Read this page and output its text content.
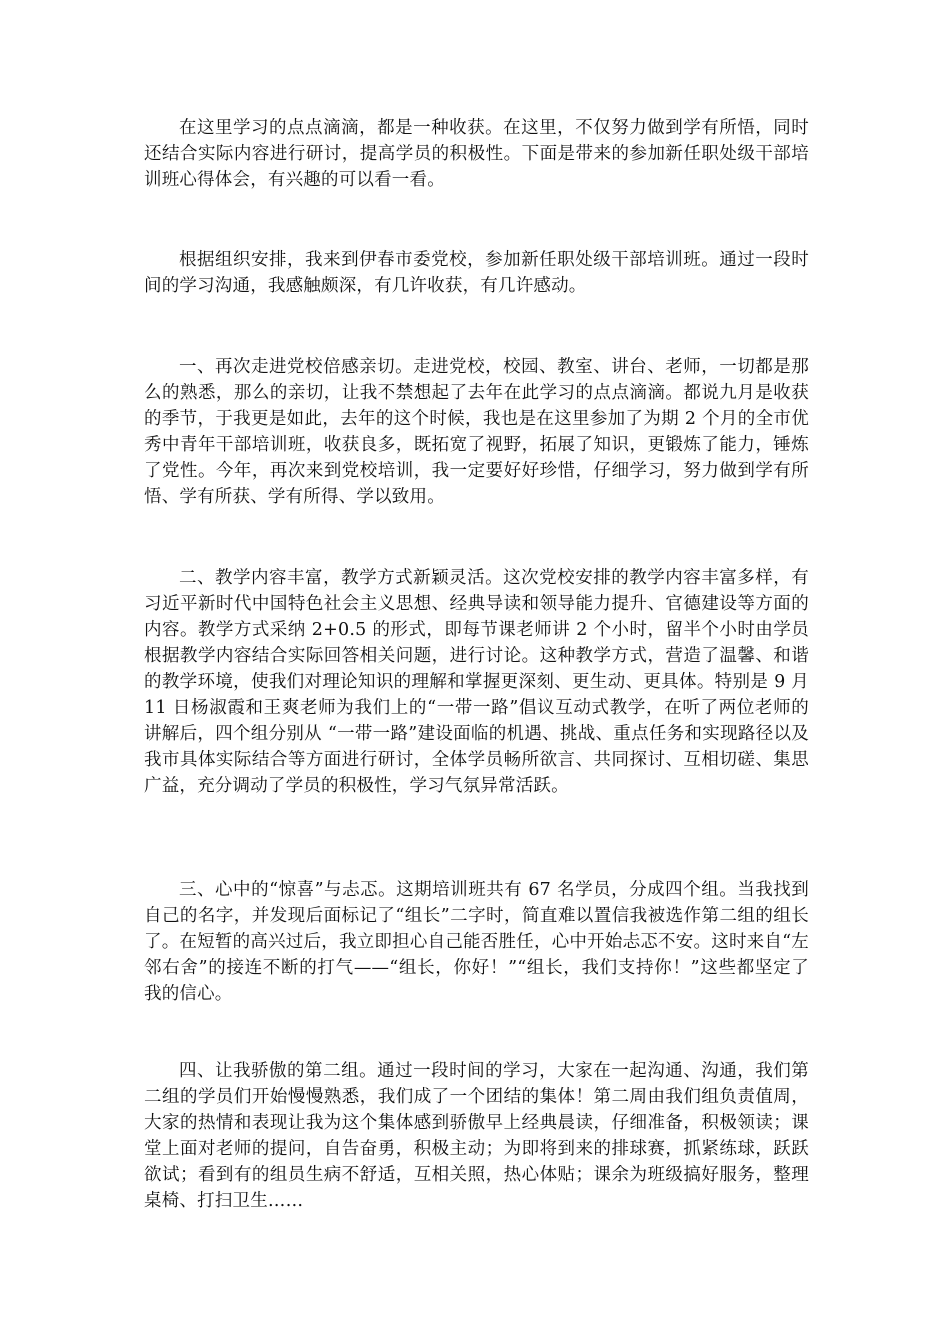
在这里学习的点点滴滴，都是一种收获。在这里，不仅努力做到学有所悟，同时还结合实际内容进行研讨，提高学员的积极性。下面是带来的参加新任职处级干部培训班心得体会，有兴趣的可以看一看。

根据组织安排，我来到伊春市委党校，参加新任职处级干部培训班。通过一段时间的学习沟通，我感触颇深，有几许收获，有几许感动。

一、再次走进党校倍感亲切。走进党校，校园、教室、讲台、老师，一切都是那么的熟悉，那么的亲切，让我不禁想起了去年在此学习的点点滴滴。都说九月是收获的季节，于我更是如此，去年的这个时候，我也是在这里参加了为期 2 个月的全市优秀中青年干部培训班，收获良多，既拓宽了视野，拓展了知识，更锻炼了能力，锤炼了党性。今年，再次来到党校培训，我一定要好好珍惜，仔细学习，努力做到学有所悟、学有所获、学有所得、学以致用。

二、教学内容丰富，教学方式新颖灵活。这次党校安排的教学内容丰富多样，有习近平新时代中国特色社会主义思想、经典导读和领导能力提升、官德建设等方面的内容。教学方式采纳 2+0.5 的形式，即每节课老师讲 2 个小时，留半个小时由学员根据教学内容结合实际回答相关问题，进行讨论。这种教学方式，营造了温馨、和谐的教学环境，使我们对理论知识的理解和掌握更深刻、更生动、更具体。特别是 9 月 11 日杨淑霞和王爽老师为我们上的“一带一路”倡议互动式教学，在听了两位老师的讲解后，四个组分别从 “一带一路”建设面临的机遇、挑战、重点任务和实现路径以及我市具体实际结合等方面进行研讨，全体学员畅所欲言、共同探讨、互相切磋、集思广益，充分调动了学员的积极性，学习气氛异常活跃。

三、心中的“惊喜”与忐忑。这期培训班共有 67 名学员，分成四个组。当我找到自己的名字，并发现后面标记了“组长”二字时，简直难以置信我被选作第二组的组长了。在短暂的高兴过后，我立即担心自己能否胜任，心中开始忐忑不安。这时来自“左邻右舍”的接连不断的打气——“组长，你好！”“组长，我们支持你！”这些都坚定了我的信心。

四、让我骄傲的第二组。通过一段时间的学习，大家在一起沟通、沟通，我们第二组的学员们开始慢慢熟悉，我们成了一个团结的集体！第二周由我们组负责值周，大家的热情和表现让我为这个集体感到骄傲早上经典晨读，仔细准备，积极领读；课堂上面对老师的提问，自告奋勇，积极主动；为即将到来的排球赛，抓紧练球，跃跃欲试；看到有的组员生病不舒适，互相关照，热心体贴；课余为班级搞好服务，整理桌椅、打扫卫生……
